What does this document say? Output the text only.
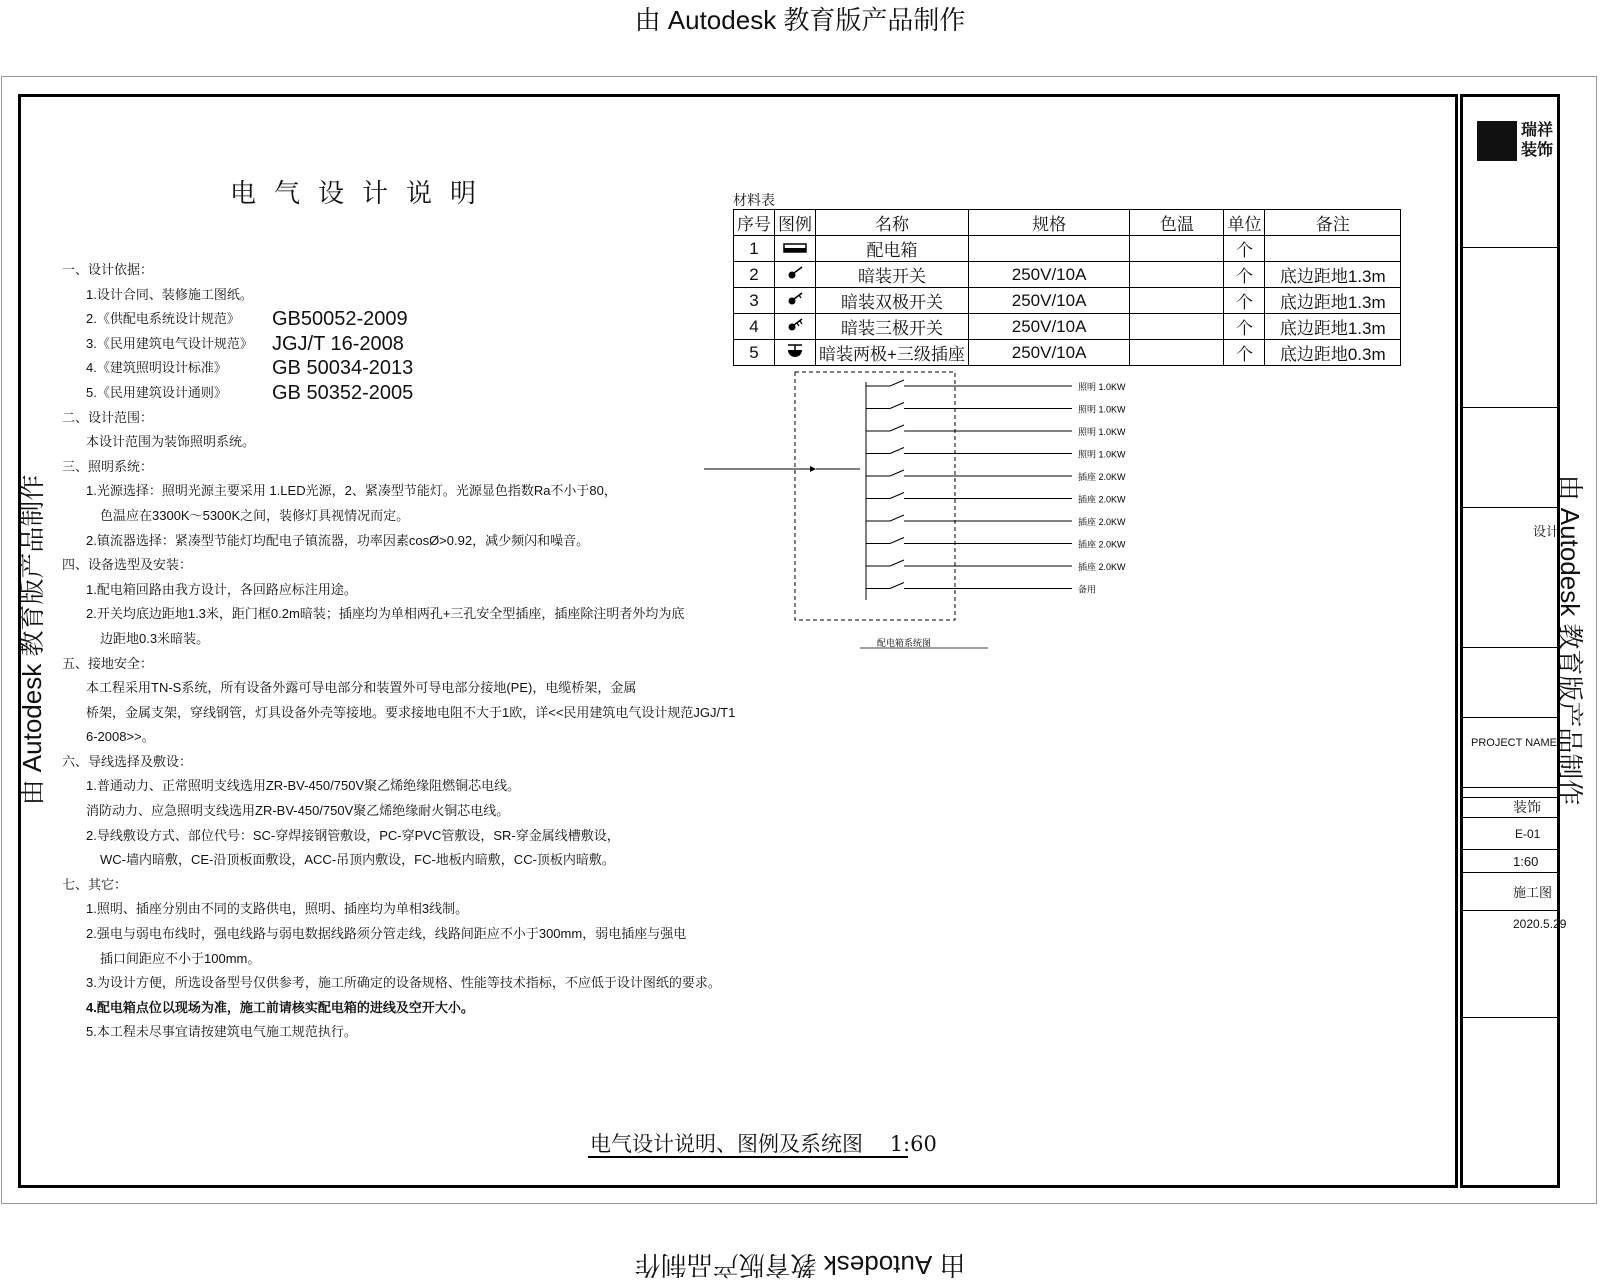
由 Autodesk 教育版产品制作
由 Autodesk 教育版产品制作
由 Autodesk 教育版产品制作	由 Autodesk 教育版产品制作
电气设计说明
一、设计依据：
1.设计合同、装修施工图纸。
2.《供配电系统设计规范》 GB50052-2009
3.《民用建筑电气设计规范》 JGJ/T 16-2008
4.《建筑照明设计标准》 GB 50034-2013
5.《民用建筑设计通则》 GB 50352-2005
二、设计范围：
本设计范围为装饰照明系统。
三、照明系统：
1.光源选择：照明光源主要采用 1.LED光源，2、紧凑型节能灯。光源显色指数Ra不小于80，
色温应在3300K～5300K之间，装修灯具视情况而定。
2.镇流器选择：紧凑型节能灯均配电子镇流器，功率因素cosØ>0.92，减少频闪和噪音。
四、设备选型及安装：
1.配电箱回路由我方设计，各回路应标注用途。
2.开关均底边距地1.3米，距门框0.2m暗装；插座均为单相两孔+三孔安全型插座，插座除注明者外均为底
边距地0.3米暗装。
五、接地安全：
本工程采用TN-S系统，所有设备外露可导电部分和装置外可导电部分接地(PE)，电缆桥架，金属
桥架，金属支架，穿线钢管，灯具设备外壳等接地。要求接地电阻不大于1欧，详<<民用建筑电气设计规范JGJ/T1
6-2008>>。
六、导线选择及敷设：
1.普通动力、正常照明支线选用ZR-BV-450/750V聚乙烯绝缘阻燃铜芯电线。
消防动力、应急照明支线选用ZR-BV-450/750V聚乙烯绝缘耐火铜芯电线。
2.导线敷设方式、部位代号：SC-穿焊接钢管敷设，PC-穿PVC管敷设，SR-穿金属线槽敷设，
WC-墙内暗敷，CE-沿顶板面敷设，ACC-吊顶内敷设，FC-地板内暗敷，CC-顶板内暗敷。
七、其它：
1.照明、插座分别由不同的支路供电，照明、插座均为单相3线制。
2.强电与弱电布线时，强电线路与弱电数据线路须分管走线，线路间距应不小于300mm，弱电插座与强电
插口间距应不小于100mm。
3.为设计方便，所选设备型号仅供参考，施工所确定的设备规格、性能等技术指标，不应低于设计图纸的要求。
4.配电箱点位以现场为准，施工前请核实配电箱的进线及空开大小。
5.本工程未尽事宜请按建筑电气施工规范执行。
材料表
序号	图例	名称	规格	色温	单位	备注
1		配电箱			个	
2		暗装开关	250V/10A		个	底边距地1.3m
3		暗装双极开关	250V/10A		个	底边距地1.3m
4		暗装三极开关	250V/10A		个	底边距地1.3m
5		暗装两极+三级插座	250V/10A		个	底边距地0.3m
照明 1.0KW
照明 1.0KW
照明 1.0KW
照明 1.0KW
插座 2.0KW
插座 2.0KW
插座 2.0KW
插座 2.0KW
插座 2.0KW
备用
配电箱系统图
电气设计说明、图例及系统图 1:60
瑞祥装饰
PROJECT NAME
装饰
E-01
1:60
施工图
2020.5.29
设计
